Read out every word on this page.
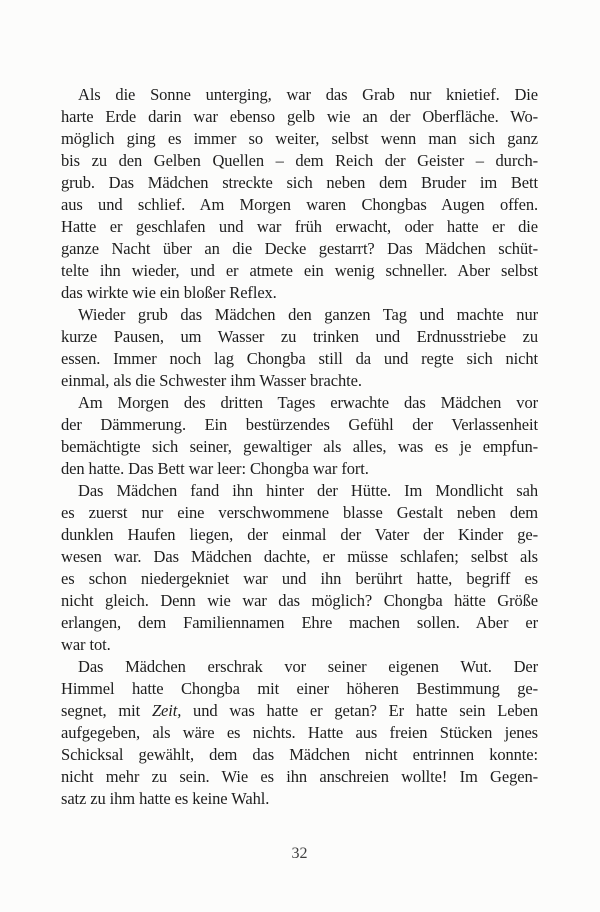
Als die Sonne unterging, war das Grab nur knietief. Die
harte Erde darin war ebenso gelb wie an der Oberfläche. Wo-
möglich ging es immer so weiter, selbst wenn man sich ganz
bis zu den Gelben Quellen – dem Reich der Geister – durch-
grub. Das Mädchen streckte sich neben dem Bruder im Bett
aus und schlief. Am Morgen waren Chongbas Augen offen.
Hatte er geschlafen und war früh erwacht, oder hatte er die
ganze Nacht über an die Decke gestarrt? Das Mädchen schüt-
telte ihn wieder, und er atmete ein wenig schneller. Aber selbst
das wirkte wie ein bloßer Reflex.
Wieder grub das Mädchen den ganzen Tag und machte nur
kurze Pausen, um Wasser zu trinken und Erdnusstriebe zu
essen. Immer noch lag Chongba still da und regte sich nicht
einmal, als die Schwester ihm Wasser brachte.
Am Morgen des dritten Tages erwachte das Mädchen vor
der Dämmerung. Ein bestürzendes Gefühl der Verlassenheit
bemächtigte sich seiner, gewaltiger als alles, was es je empfun-
den hatte. Das Bett war leer: Chongba war fort.
Das Mädchen fand ihn hinter der Hütte. Im Mondlicht sah
es zuerst nur eine verschwommene blasse Gestalt neben dem
dunklen Haufen liegen, der einmal der Vater der Kinder ge-
wesen war. Das Mädchen dachte, er müsse schlafen; selbst als
es schon niedergekniet war und ihn berührt hatte, begriff es
nicht gleich. Denn wie war das möglich? Chongba hätte Größe
erlangen, dem Familiennamen Ehre machen sollen. Aber er
war tot.
Das Mädchen erschrak vor seiner eigenen Wut. Der
Himmel hatte Chongba mit einer höheren Bestimmung ge-
segnet, mit Zeit, und was hatte er getan? Er hatte sein Leben
aufgegeben, als wäre es nichts. Hatte aus freien Stücken jenes
Schicksal gewählt, dem das Mädchen nicht entrinnen konnte:
nicht mehr zu sein. Wie es ihn anschreien wollte! Im Gegen-
satz zu ihm hatte es keine Wahl.
32
